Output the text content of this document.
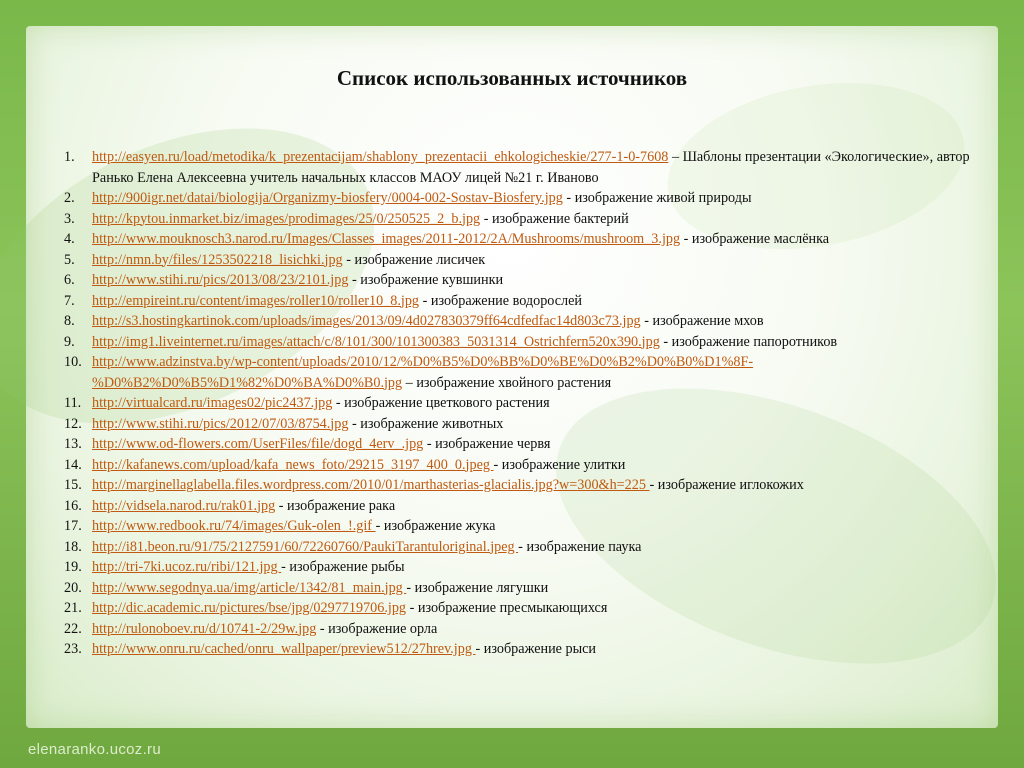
Список использованных источников
1. http://easyen.ru/load/metodika/k_prezentacijam/shablony_prezentacii_ehkologicheskie/277-1-0-7608 – Шаблоны презентации «Экологические», автор Ранько Елена Алексеевна учитель начальных классов МАОУ лицей №21 г. Иваново
2. http://900igr.net/datai/biologija/Organizmy-biosfery/0004-002-Sostav-Biosfery.jpg - изображение живой природы
3. http://kpytou.inmarket.biz/images/prodimages/25/0/250525_2_b.jpg - изображение бактерий
4. http://www.mouknosch3.narod.ru/Images/Classes_images/2011-2012/2A/Mushrooms/mushroom_3.jpg - изображение маслёнка
5. http://nmn.by/files/1253502218_lisichki.jpg - изображение лисичек
6. http://www.stihi.ru/pics/2013/08/23/2101.jpg - изображение кувшинки
7. http://empireint.ru/content/images/roller10/roller10_8.jpg - изображение водорослей
8. http://s3.hostingkartinok.com/uploads/images/2013/09/4d027830379ff64cdfedfac14d803c73.jpg - изображение мхов
9. http://img1.liveinternet.ru/images/attach/c/8/101/300/101300383_5031314_Ostrichfern520x390.jpg - изображение папоротников
10. http://www.adzinstva.by/wp-content/uploads/2010/12/%D0%B5%D0%BB%D0%BE%D0%B2%D0%B0%D1%8F-%D0%B2%D0%B5%D1%82%D0%BA%D0%B0.jpg – изображение хвойного растения
11. http://virtualcard.ru/images02/pic2437.jpg - изображение цветкового растения
12. http://www.stihi.ru/pics/2012/07/03/8754.jpg - изображение животных
13. http://www.od-flowers.com/UserFiles/file/dogd_4erv_.jpg - изображение червя
14. http://kafanews.com/upload/kafa_news_foto/29215_3197_400_0.jpeg - изображение улитки
15. http://marginellaglabella.files.wordpress.com/2010/01/marthasterias-glacialis.jpg?w=300&h=225 - изображение иглокожих
16. http://vidsela.narod.ru/rak01.jpg - изображение рака
17. http://www.redbook.ru/74/images/Guk-olen_!.gif - изображение жука
18. http://i81.beon.ru/91/75/2127591/60/72260760/PaukiTarantuloriginal.jpeg - изображение паука
19. http://tri-7ki.ucoz.ru/ribi/121.jpg - изображение рыбы
20. http://www.segodnya.ua/img/article/1342/81_main.jpg - изображение лягушки
21. http://dic.academic.ru/pictures/bse/jpg/0297719706.jpg - изображение пресмыкающихся
22. http://rulonoboev.ru/d/10741-2/29w.jpg - изображение орла
23. http://www.onru.ru/cached/onru_wallpaper/preview512/27hrev.jpg - изображение рыси
elenaranko.ucoz.ru
